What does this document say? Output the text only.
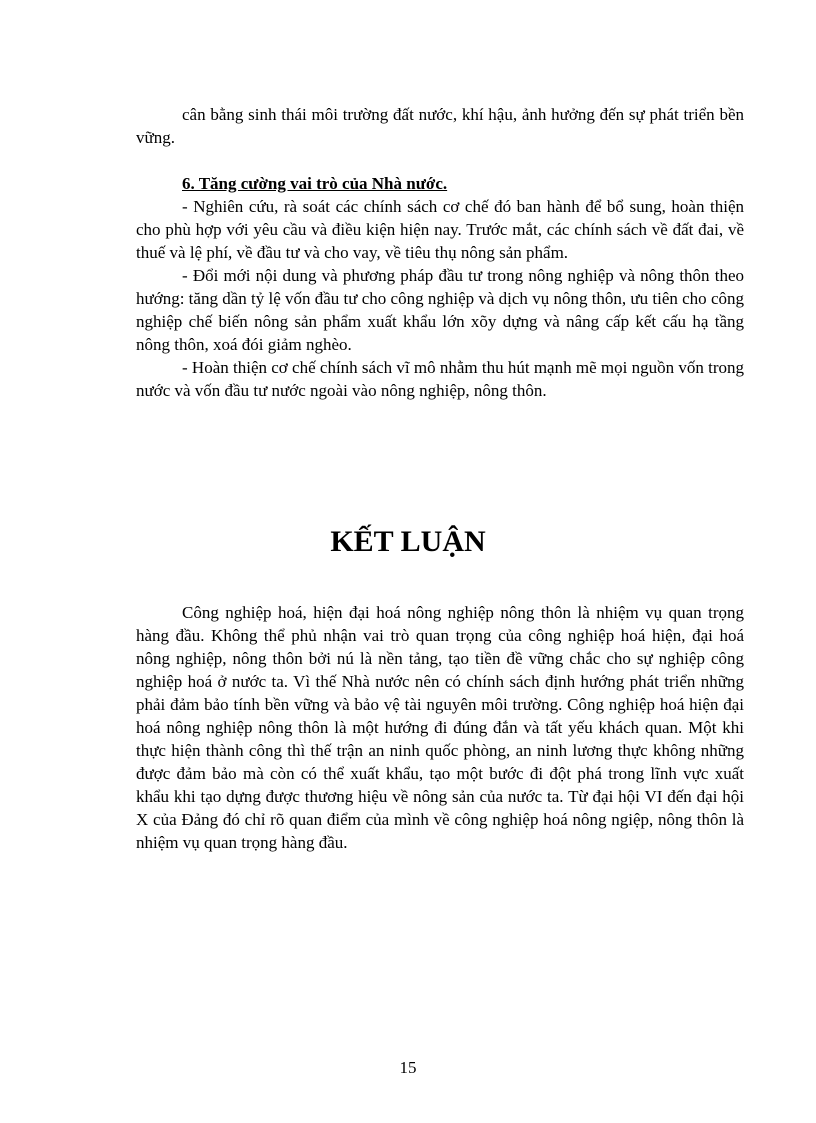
cân bằng sinh thái môi trường đất nước, khí hậu, ảnh hưởng đến sự phát triển bền vững.

6. Tăng cường vai trò của Nhà nước.

- Nghiên cứu, rà soát các chính sách cơ chế đó ban hành để bổ sung, hoàn thiện cho phù hợp với yêu cầu và điều kiện hiện nay. Trước mắt, các chính sách về đất đai, về thuế và lệ phí, về đầu tư và cho vay, về tiêu thụ nông sản phẩm.

- Đổi mới nội dung và phương pháp đầu tư trong nông nghiệp và nông thôn theo hướng: tăng dần tỷ lệ vốn đầu tư cho công nghiệp và dịch vụ nông thôn, ưu tiên cho công nghiệp chế biến nông sản phẩm xuất khẩu lớn xõy dựng và nâng cấp kết cấu hạ tầng nông thôn, xoá đói giảm nghèo.

- Hoàn thiện cơ chế chính sách vĩ mô nhằm thu hút mạnh mẽ mọi nguồn vốn trong nước và vốn đầu tư nước ngoài vào nông nghiệp, nông thôn.

KẾT LUẬN

Công nghiệp hoá, hiện đại hoá nông nghiệp nông thôn là nhiệm vụ quan trọng hàng đầu. Không thể phủ nhận vai trò quan trọng của công nghiệp hoá hiện, đại hoá nông nghiệp, nông thôn bởi nú là nền tảng, tạo tiền đề vững chắc cho sự nghiệp công nghiệp hoá ở nước ta. Vì thế Nhà nước nên có chính sách định hướng phát triển những phải đảm bảo tính bền vững và bảo vệ tài nguyên môi trường. Công nghiệp hoá hiện đại hoá nông nghiệp nông thôn là một hướng đi đúng đắn và tất yếu khách quan. Một khi thực hiện thành công thì thế trận an ninh quốc phòng, an ninh lương thực không những được đảm bảo mà còn có thể xuất khẩu, tạo một bước đi đột phá trong lĩnh vực xuất khẩu khi tạo dựng được thương hiệu về nông sản của nước ta. Từ đại hội VI đến đại hội X của Đảng đó chỉ rõ quan điểm của mình về công nghiệp hoá nông ngiệp, nông thôn là nhiệm vụ quan trọng hàng đầu.

15
